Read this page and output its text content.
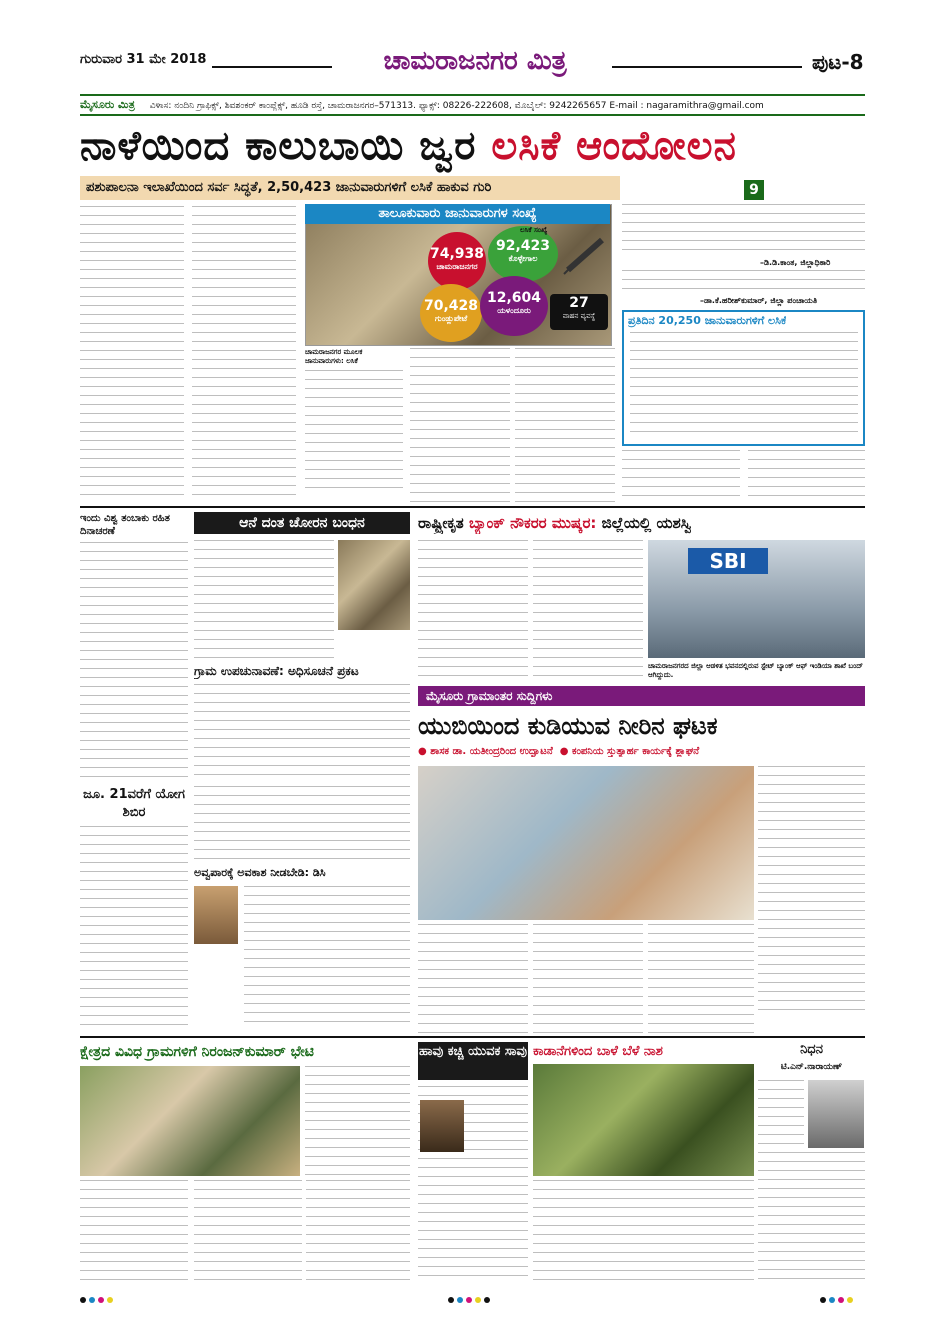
ಗುರುವಾರ 31 ಮೇ 2018	ಚಾಮರಾಜನಗರ ಮಿತ್ರ	ಪುಟ-8
ಮೈಸೂರು ಮಿತ್ರ ವಿಳಾಸ: ನಂದಿನಿ ಗ್ರಾಫಿಕ್ಸ್, ಶಿವಶಂಕರ್ ಕಾಂಪ್ಲೆಕ್ಸ್, ಹೂಡಿ ರಸ್ತೆ, ಚಾಮರಾಜನಗರ–571313. ಫ್ಯಾಕ್ಸ್: 08226-222608, ಮೊಬೈಲ್: 9242265657 E-mail : nagaramithra@gmail.com
ನಾಳೆಯಿಂದ ಕಾಲುಬಾಯಿ ಜ್ವರ ಲಸಿಕೆ ಆಂದೋಲನ
ಪಶುಪಾಲನಾ ಇಲಾಖೆಯಿಂದ ಸರ್ವ ಸಿದ್ಧತೆ, 2,50,423 ಜಾನುವಾರುಗಳಿಗೆ ಲಸಿಕೆ ಹಾಕುವ ಗುರಿ
ತಾಲೂಕುವಾರು ಜಾನುವಾರುಗಳ ಸಂಖ್ಯೆ
74,938
ಚಾಮರಾಜನಗರ
92,423
ಕೊಳ್ಳೇಗಾಲ
70,428
ಗುಂಡ್ಲುಪೇಟೆ
12,604
ಯಳಂದೂರು	27
ವಾಹನ ವ್ಯವಸ್ಥೆ
ಲಸಿಕೆ ಸಂಖ್ಯೆ
ಚಾಮರಾಜನಗರ ಮೂಲಕ ಜಾನುವಾರುಗಳು: ಲಸಿಕೆ
9
–ಡಿ.ಡಿ.ಕಾಂತ, ಜಿಲ್ಲಾಧಿಕಾರಿ
–ಡಾ.ಕೆ.ಹರೀಶ್‌ಕುಮಾರ್, ಜಿಲ್ಲಾ ಪಂಚಾಯತಿ
ಪ್ರತಿದಿನ 20,250 ಜಾನುವಾರುಗಳಿಗೆ ಲಸಿಕೆ
ಇಂದು ವಿಶ್ವ ತಂಬಾಕು ರಹಿತ ದಿನಾಚರಣೆ
ಆನೆ ದಂತ ಚೋರನ ಬಂಧನ	ರಾಷ್ಟ್ರೀಕೃತ ಬ್ಯಾಂಕ್ ನೌಕರರ ಮುಷ್ಕರ: ಜಿಲ್ಲೆಯಲ್ಲಿ ಯಶಸ್ವಿ
SBI
ಚಾಮರಾಜನಗರದ ಜಿಲ್ಲಾ ಆಡಳಿತ ಭವನದಲ್ಲಿರುವ ಸ್ಟೇಟ್ ಬ್ಯಾಂಕ್ ಆಫ್ ಇಂಡಿಯಾ ಶಾಖೆ ಬಂದ್ ಆಗಿದ್ದುದು.
ಗ್ರಾಮ ಉಪಚುನಾವಣೆ: ಅಧಿಸೂಚನೆ ಪ್ರಕಟ
ಮೈಸೂರು ಗ್ರಾಮಾಂತರ ಸುದ್ದಿಗಳು
ಯುಬಿಯಿಂದ ಕುಡಿಯುವ ನೀರಿನ ಘಟಕ
● ಶಾಸಕ ಡಾ. ಯತೀಂದ್ರರಿಂದ ಉದ್ಘಾಟನೆ  ● ಕಂಪನಿಯ ಸ್ತುತ್ಯಾರ್ಹ ಕಾರ್ಯಕ್ಕೆ ಶ್ಲಾಘನೆ
ಜೂ. 21ವರೆಗೆ ಯೋಗ ಶಿಬಿರ
ಅವ್ವಪಾರಕ್ಕೆ ಅವಕಾಶ ನೀಡಬೇಡಿ: ಡಿಸಿ
ಕ್ಷೇತ್ರದ ವಿವಿಧ ಗ್ರಾಮಗಳಿಗೆ ನಿರಂಜನ್‌ಕುಮಾರ್ ಭೇಟಿ	ಹಾವು ಕಚ್ಚಿ ಯುವಕ ಸಾವು ಕಾಡಾನೆಗಳಿಂದ ಬಾಳೆ ಬೆಳೆ ನಾಶ	ನಿಧನ
ಟಿ.ಎನ್.ನಾರಾಯಣ್
